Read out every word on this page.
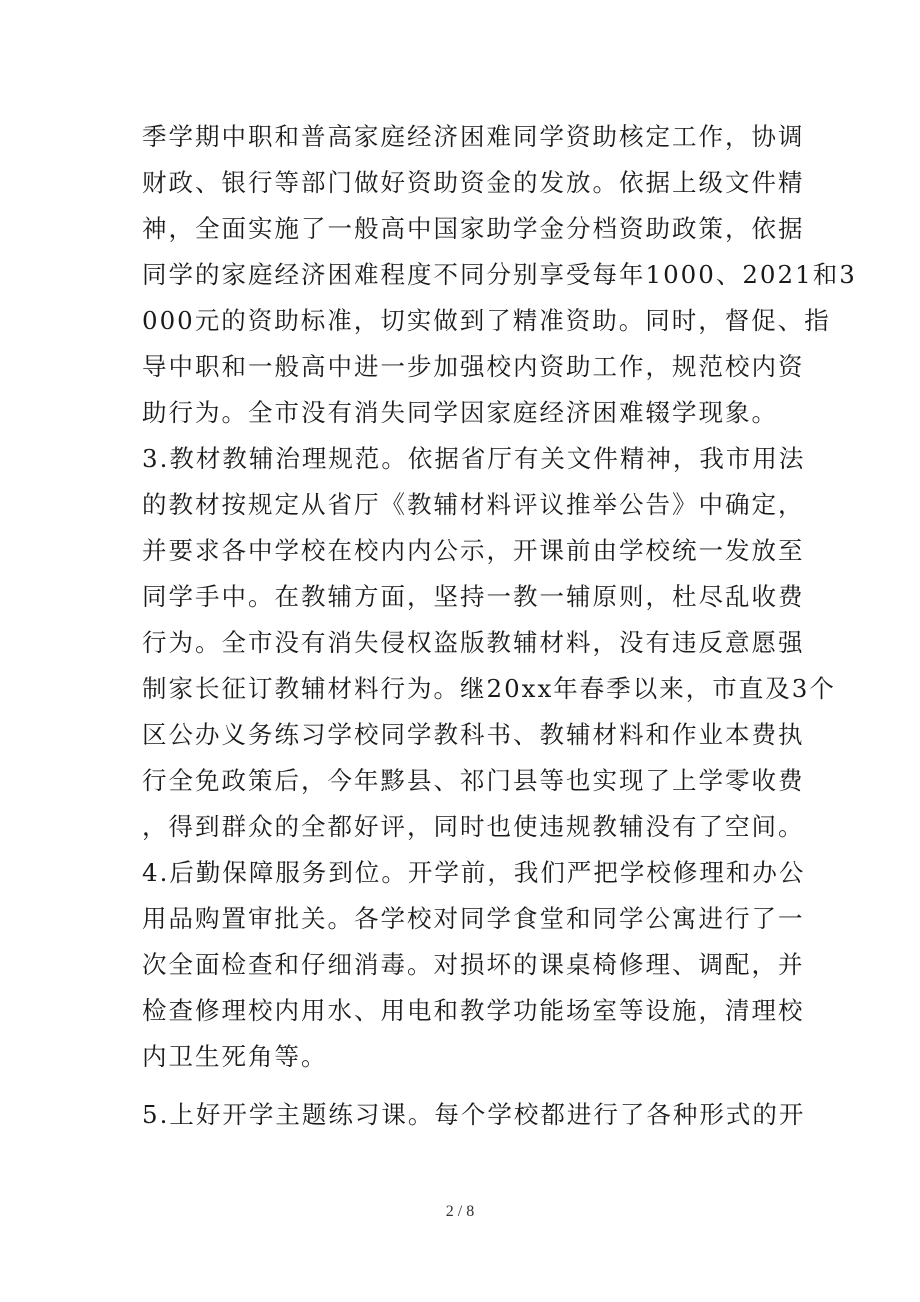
季学期中职和普高家庭经济困难同学资助核定工作，协调
财政、银行等部门做好资助资金的发放。依据上级文件精
神，全面实施了一般高中国家助学金分档资助政策，依据
同学的家庭经济困难程度不同分别享受每年1000、2021和3
000元的资助标准，切实做到了精准资助。同时，督促、指
导中职和一般高中进一步加强校内资助工作，规范校内资
助行为。全市没有消失同学因家庭经济困难辍学现象。
3.教材教辅治理规范。依据省厅有关文件精神，我市用法
的教材按规定从省厅《教辅材料评议推举公告》中确定，
并要求各中学校在校内内公示，开课前由学校统一发放至
同学手中。在教辅方面，坚持一教一辅原则，杜尽乱收费
行为。全市没有消失侵权盗版教辅材料，没有违反意愿强
制家长征订教辅材料行为。继20xx年春季以来，市直及3个
区公办义务练习学校同学教科书、教辅材料和作业本费执
行全免政策后，今年黟县、祁门县等也实现了上学零收费
，得到群众的全都好评，同时也使违规教辅没有了空间。
4.后勤保障服务到位。开学前，我们严把学校修理和办公
用品购置审批关。各学校对同学食堂和同学公寓进行了一
次全面检查和仔细消毒。对损坏的课桌椅修理、调配，并
检查修理校内用水、用电和教学功能场室等设施，清理校
内卫生死角等。
5.上好开学主题练习课。每个学校都进行了各种形式的开
2 / 8
